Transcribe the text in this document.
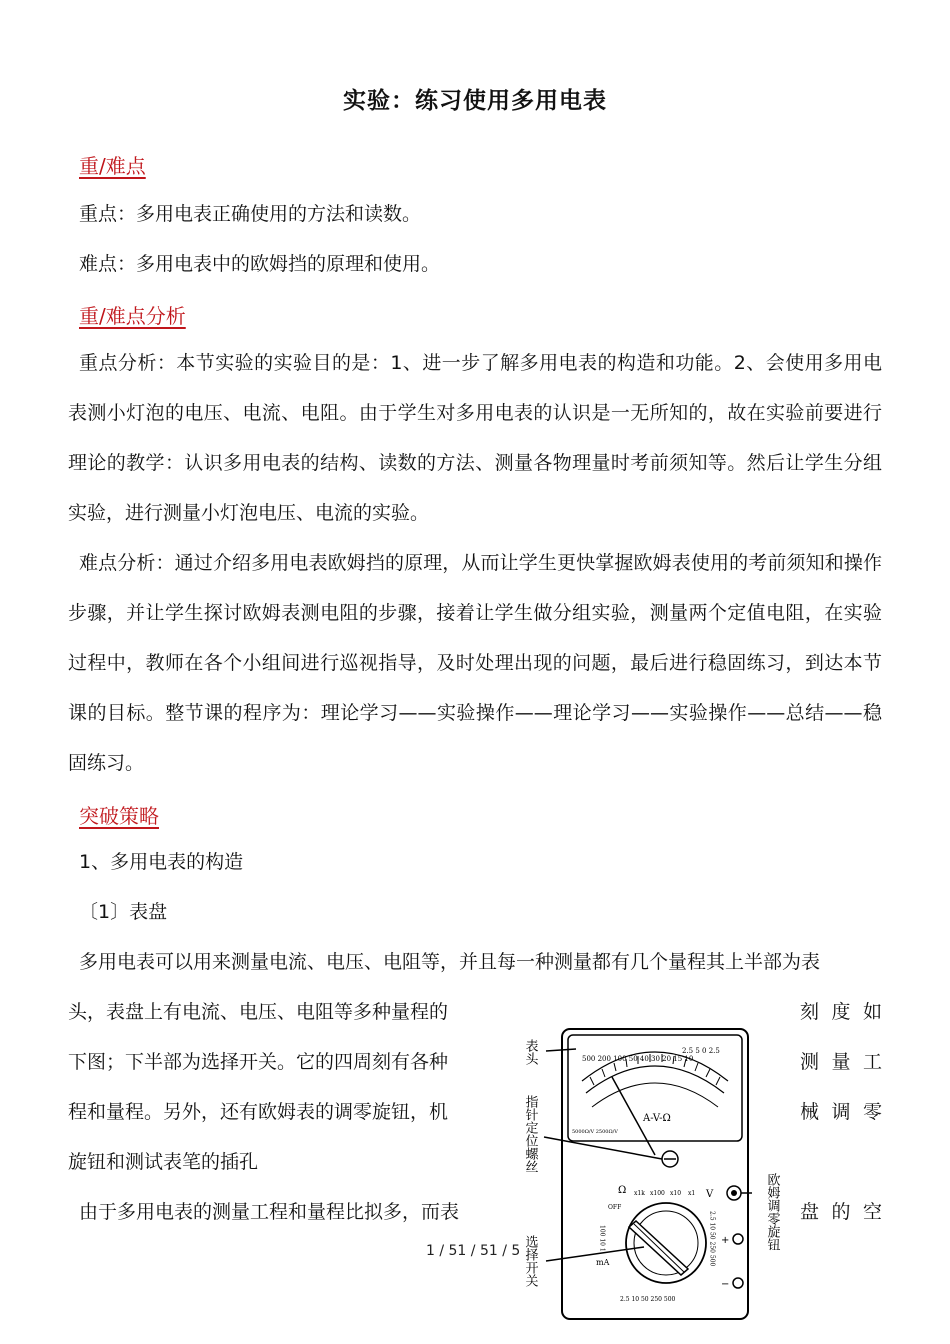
实验：练习使用多用电表
重/难点
重点：多用电表正确使用的方法和读数。
难点：多用电表中的欧姆挡的原理和使用。
重/难点分析
重点分析：本节实验的实验目的是：1、进一步了解多用电表的构造和功能。2、会使用多用电表测小灯泡的电压、电流、电阻。由于学生对多用电表的认识是一无所知的，故在实验前要进行理论的教学：认识多用电表的结构、读数的方法、测量各物理量时考前须知等。然后让学生分组实验，进行测量小灯泡电压、电流的实验。
难点分析：通过介绍多用电表欧姆挡的原理，从而让学生更快掌握欧姆表使用的考前须知和操作步骤，并让学生探讨欧姆表测电阻的步骤，接着让学生做分组实验，测量两个定值电阻，在实验过程中，教师在各个小组间进行巡视指导，及时处理出现的问题，最后进行稳固练习，到达本节课的目标。整节课的程序为：理论学习——实验操作——理论学习——实验操作——总结——稳固练习。
突破策略
1、多用电表的构造
〔1〕表盘
多用电表可以用来测量电流、电压、电阻等，并且每一种测量都有几个量程其上半部为表
头，表盘上有电流、电压、电阻等多种量程的	刻度如
下图；下半部为选择开关。它的四周刻有各种	测量工
程和量程。另外，还有欧姆表的调零旋钮，机	械调零
旋钮和测试表笔的插孔
由于多用电表的测量工程和量程比拟多，而表	盘的空
500 200 100 50 40 30 20 15 10
2.5 5 0 2.5
A-V-Ω
5000Ω/V 2500Ω/V
Ω x1k x100 x10 x1 V
OFF
mA
100 10 1	2.5 10 50 250 500
2.5 10 50 250 500
+
−
表头
指针定位螺丝
选择开关
欧姆调零旋钮
1 / 51 / 51 / 5
